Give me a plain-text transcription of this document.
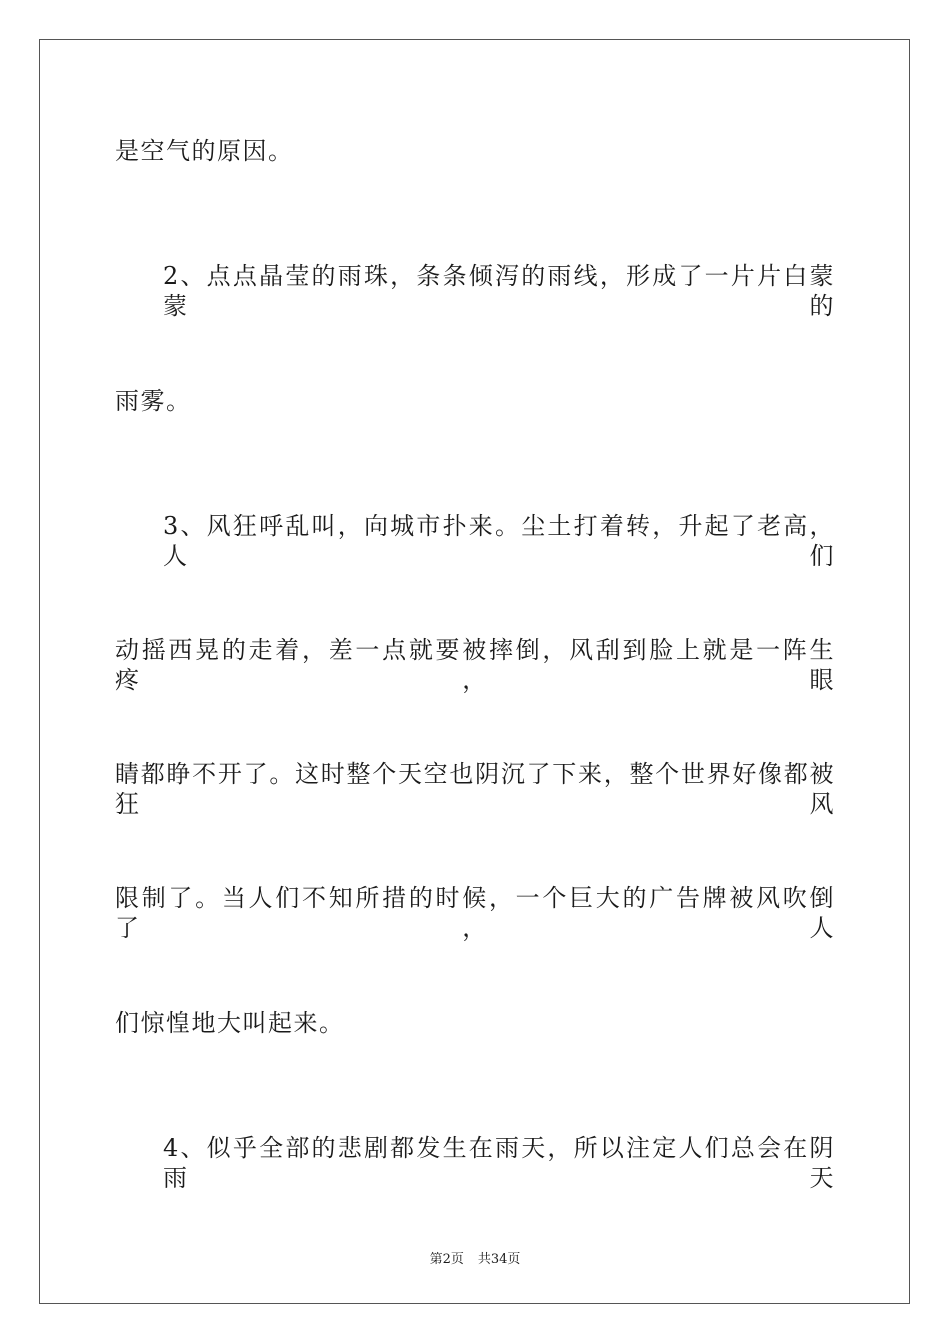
是空气的原因。
2、点点晶莹的雨珠，条条倾泻的雨线，形成了一片片白蒙蒙的
雨雾。
3、风狂呼乱叫，向城市扑来。尘土打着转，升起了老高，人们
动摇西晃的走着，差一点就要被摔倒，风刮到脸上就是一阵生疼，眼
睛都睁不开了。这时整个天空也阴沉了下来，整个世界好像都被狂风
限制了。当人们不知所措的时候，一个巨大的广告牌被风吹倒了，人
们惊惶地大叫起来。
4、似乎全部的悲剧都发生在雨天，所以注定人们总会在阴雨天
第2页 共34页
